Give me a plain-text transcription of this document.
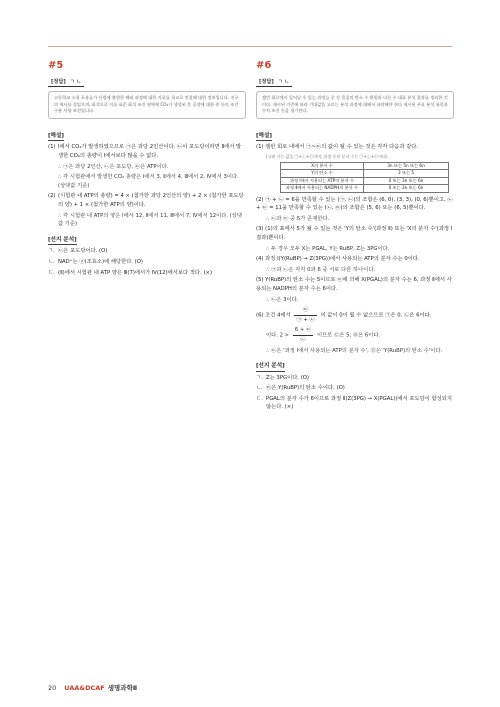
#5
[정답] ㄱ ㄴ
고등학교 소형 포유류가 산림에 출현한 해와 과정에 대한 자료를 학교로 연결해 대한 정보입니다. 지구의 역사를 풀었으며, 화석으로 이를 표준 화석 조건 영역에 CO₂가 생성된 후 공장에 대한 총 등의 조건 구분 사항 보전입니다.
[해설]
(1) Ⅰ에서 CO₂가 발생하였으므로 ㉠은 과당 2인산이다. ㉡이 포도당이라면 Ⅱ에서 발생한 CO₂의 총량이 Ⅰ에서보다 많을 수 없다.
∴ ㉠은 과당 2인산, ㉡은 포도당, ㉢은 ATP이다.
∴ 각 시험관에서 발생한 CO₂ 총량은 Ⅰ에서 3, Ⅱ에서 4, Ⅲ에서 2, Ⅳ에서 3이다. (상댓값 기준)
(2) (시험관 내 ATP의 총량) = 4 × (첨가한 과당 2인산의 양) + 2 × (첨가한 포도당의 양) + 1 × (첨가한 ATP의 양)이다.
∴ 각 시험관 내 ATP의 양은 Ⅰ에서 12, Ⅱ에서 11, Ⅲ에서 7, Ⅳ에서 12이다. (상댓값 기준)
[선지 분석]
ㄱ. ㉡은 포도당이다. (O)
ㄴ. NAD⁺는 ⓐ(조효소)에 해당한다. (O)
ㄷ. (Ⅱ)에서 시험관 내 ATP 양은 Ⅲ(7)에서가 Ⅳ(12)에서보다 적다. (×)
#6
[정답] ㄱ ㄴ
캘빈 회로에서 일어날 수 있는 과정들 중 각 물질의 탄소 수 환원과 다른 수 대표 분석 결과를 정리한 것이다. 제시된 기준에 따라 기대값을 고르는 분석 과정에 대해서 파악해야 한다 제시된 주요 분석 항목과 수치 조건 등을 평가한다.
[해설]
(1) 캘빈 회로 내에서 ㉠~㉢의 값이 될 수 있는 것은 각각 다음과 같다.
(고려 가능 값을 ㉠+㉡+㉢이며, 과정 중의 분자 수는 ㉠+㉡+㉢이다)
X의 분자 수	3n 또는 5n 또는 6n
Y의 탄소 수	3 또는 5
과정 Ⅰ에서 사용되는 ATP의 분자 수	0 또는 3n 또는 6n
과정 Ⅱ에서 사용되는 NADPH의 분자 수	0 또는 3n 또는 6n
(2) ㉠ + ㉡ = 6을 만족할 수 있는 (㉠, ㉡)의 조합은 (6, 0), (3, 3), (0, 6)뿐이고, ㉡ + ㉢ = 11을 만족할 수 있는 (㉡, ㉢)의 조합은 (5, 6) 또는 (6, 5)뿐이다.
∴ ㉡과 ㉢ 중 5가 존재한다.
(3) (1)의 표에서 5가 될 수 있는 것은 'Y의 탄소 수'(과정 Ⅱ) 또는 'X의 분자 수'(과정 Ⅰ 결과)뿐이다.
∴ 두 경우 모두 X는 PGAL, Y는 RuBP, Z는 3PG이다.
(4) 과정 Ⅰ(Y(RuBP) → Z(3PG))에서 사용되는 ATP의 분자 수는 0이다.
∴ ㉠과 ㉡은 각각 0과 6 중 서로 다른 하나이다.
(5) Y(RuBP)의 탄소 수는 5이므로 ㉢에 의해 X(PGAL)의 분자 수는 6, 과정 Ⅱ에서 사용되는 NADPH의 분자 수는 6이다.
∴ ㉡은 3이다.
(6) 조건 4에서 $\frac{㉢}{㉠ + ㉡}$ 의 값이 0이 될 수 없으므로 ㉠은 0, ㉡은 6이다.
이다. $2 > \frac{6 + ㉢}{㉡}$ 이므로 ㉢은 5, ㉣은 6이다.
∴ ㉢은 '과정 Ⅰ에서 사용되는 ATP의 분자 수', ㉣은 'Y(RuBP)의 탄소 수'이다.
[선지 분석]
ㄱ. Z는 3PG이다. (O)
ㄴ. ㉢은 Y(RuBP)의 탄소 수이다. (O)
ㄷ. PGAL의 분자 수가 6이므로 과정 Ⅱ(Z(3PG) → X(PGAL))에서 포도당이 합성되지 않는다. (×)
20 UAA&DCAF 생명과학Ⅱ
